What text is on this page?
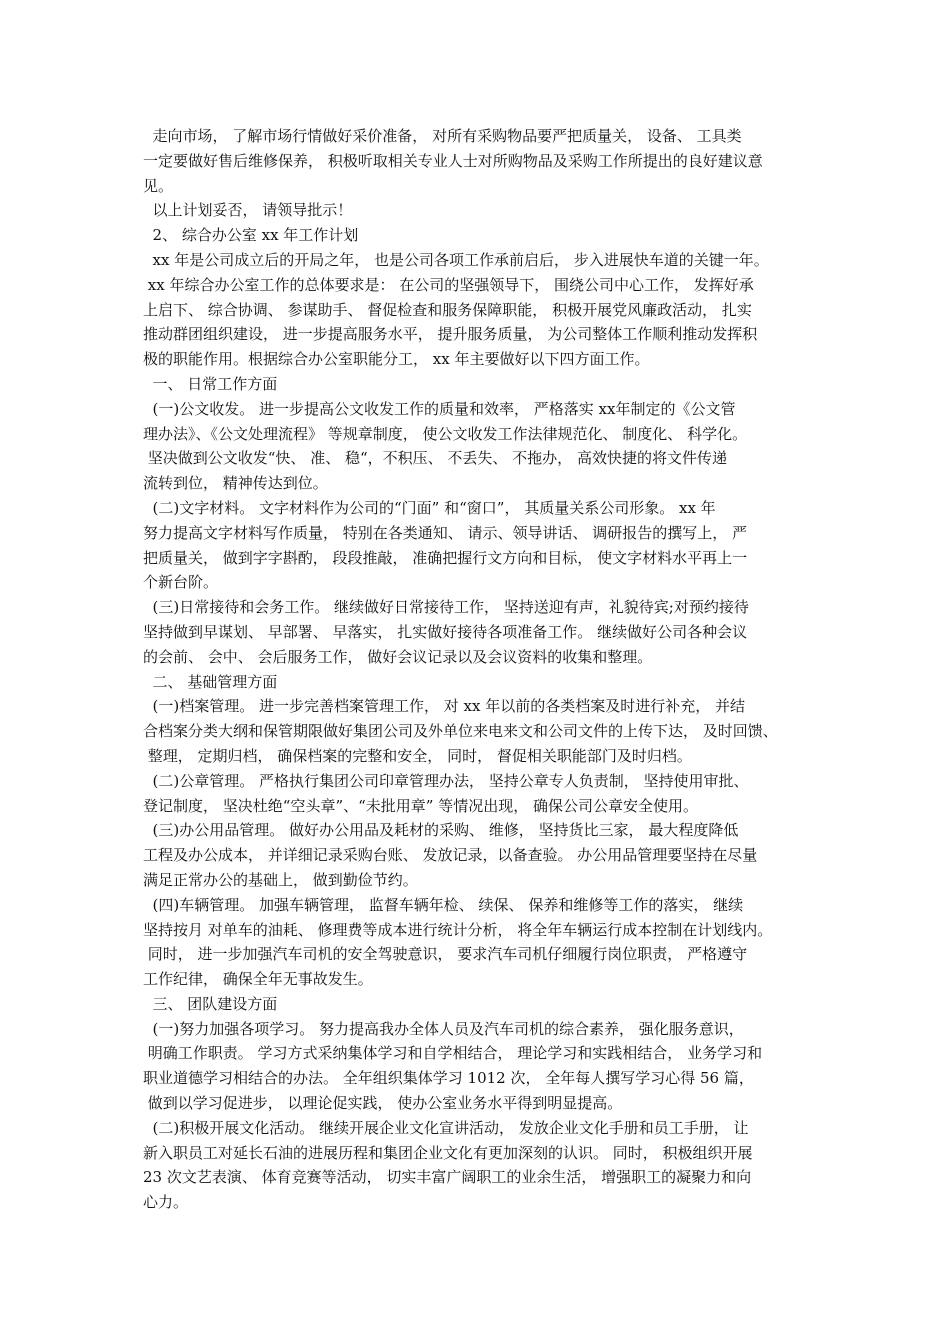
走向市场， 了解市场行情做好采价准备， 对所有采购物品要严把质量关， 设备、 工具类
一定要做好售后维修保养， 积极听取相关专业人士对所购物品及采购工作所提出的良好建议意
见。
以上计划妥否， 请领导批示！
2、 综合办公室 xx 年工作计划
xx 年是公司成立后的开局之年， 也是公司各项工作承前启后， 步入进展快车道的关键一年。
xx 年综合办公室工作的总体要求是： 在公司的坚强领导下， 围绕公司中心工作， 发挥好承
上启下、 综合协调、 参谋助手、 督促检查和服务保障职能， 积极开展党风廉政活动， 扎实
推动群团组织建设， 进一步提高服务水平， 提升服务质量， 为公司整体工作顺利推动发挥积
极的职能作用。根据综合办公室职能分工， xx 年主要做好以下四方面工作。
一、 日常工作方面
(一)公文收发。 进一步提高公文收发工作的质量和效率， 严格落实 xx年制定的《公文管
理办法》、《公文处理流程》 等规章制度， 使公文收发工作法律规范化、 制度化、 科学化。
坚决做到公文收发“快、 准、 稳“，不积压、 不丢失、 不拖办， 高效快捷的将文件传递
流转到位， 精神传达到位。
(二)文字材料。 文字材料作为公司的“门面” 和“窗口”， 其质量关系公司形象。 xx 年
努力提高文字材料写作质量， 特别在各类通知、 请示、领导讲话、 调研报告的撰写上， 严
把质量关， 做到字字斟酌， 段段推敲， 准确把握行文方向和目标， 使文字材料水平再上一
个新台阶。
(三)日常接待和会务工作。 继续做好日常接待工作， 坚持送迎有声，礼貌待宾;对预约接待
坚持做到早谋划、 早部署、 早落实， 扎实做好接待各项准备工作。 继续做好公司各种会议
的会前、 会中、 会后服务工作， 做好会议记录以及会议资料的收集和整理。
二、 基础管理方面
(一)档案管理。 进一步完善档案管理工作， 对 xx 年以前的各类档案及时进行补充， 并结
合档案分类大纲和保管期限做好集团公司及外单位来电来文和公司文件的上传下达， 及时回馈、
整理， 定期归档， 确保档案的完整和安全， 同时， 督促相关职能部门及时归档。
(二)公章管理。 严格执行集团公司印章管理办法， 坚持公章专人负责制， 坚持使用审批、
登记制度， 坚决杜绝“空头章”、“未批用章” 等情况出现， 确保公司公章安全使用。
(三)办公用品管理。 做好办公用品及耗材的采购、 维修， 坚持货比三家， 最大程度降低
工程及办公成本， 并详细记录采购台账、 发放记录，以备查验。 办公用品管理要坚持在尽量
满足正常办公的基础上， 做到勤俭节约。
(四)车辆管理。 加强车辆管理， 监督车辆年检、 续保、 保养和维修等工作的落实， 继续
坚持按月 对单车的油耗、 修理费等成本进行统计分析， 将全年车辆运行成本控制在计划线内。
同时， 进一步加强汽车司机的安全驾驶意识， 要求汽车司机仔细履行岗位职责， 严格遵守
工作纪律， 确保全年无事故发生。
三、 团队建设方面
(一)努力加强各项学习。 努力提高我办全体人员及汽车司机的综合素养， 强化服务意识，
明确工作职责。 学习方式采纳集体学习和自学相结合， 理论学习和实践相结合， 业务学习和
职业道德学习相结合的办法。 全年组织集体学习 1012 次， 全年每人撰写学习心得 56 篇，
做到以学习促进步， 以理论促实践， 使办公室业务水平得到明显提高。
(二)积极开展文化活动。 继续开展企业文化宣讲活动， 发放企业文化手册和员工手册， 让
新入职员工对延长石油的进展历程和集团企业文化有更加深刻的认识。 同时， 积极组织开展
23 次文艺表演、 体育竞赛等活动， 切实丰富广阔职工的业余生活， 增强职工的凝聚力和向
心力。
